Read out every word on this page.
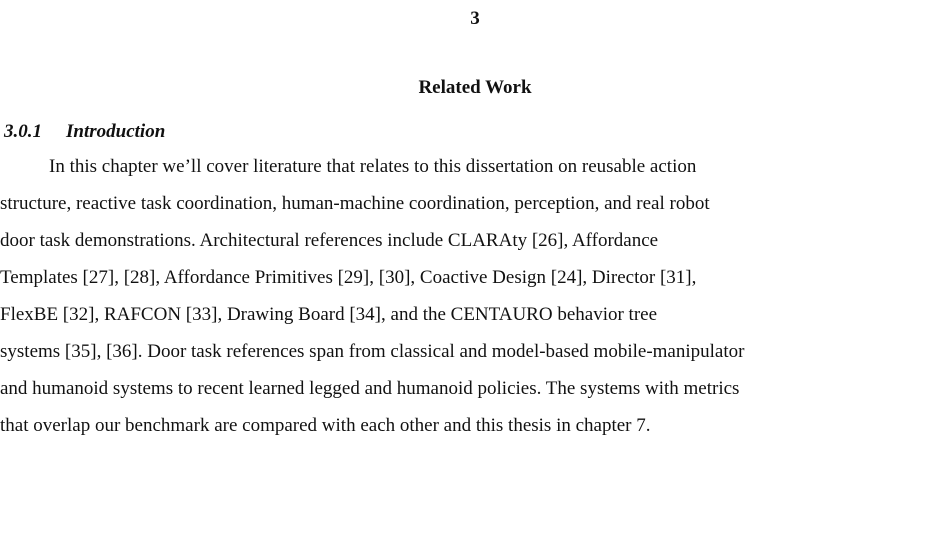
3
Related Work
3.0.1 Introduction
In this chapter we’ll cover literature that relates to this dissertation on reusable action
structure, reactive task coordination, human-machine coordination, perception, and real robot
door task demonstrations. Architectural references include CLARAty [26], Affordance
Templates [27], [28], Affordance Primitives [29], [30], Coactive Design [24], Director [31],
FlexBE [32], RAFCON [33], Drawing Board [34], and the CENTAURO behavior tree
systems [35], [36]. Door task references span from classical and model-based mobile-manipulator
and humanoid systems to recent learned legged and humanoid policies. The systems with metrics
that overlap our benchmark are compared with each other and this thesis in chapter 7.
